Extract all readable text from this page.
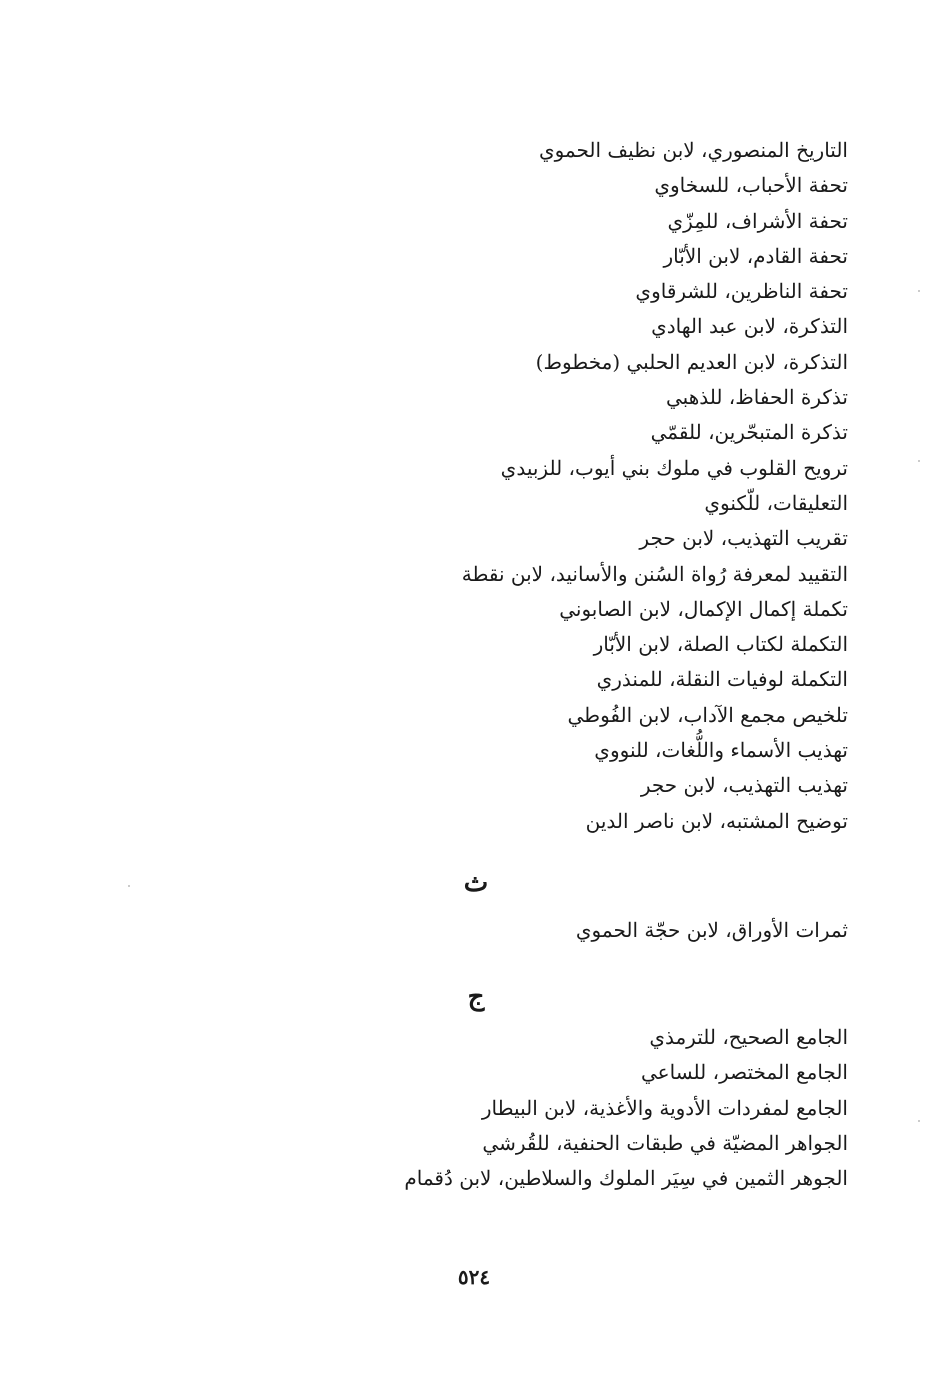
التاريخ المنصوري، لابن نظيف الحموي
تحفة الأحباب، للسخاوي
تحفة الأشراف، للمِزّي
تحفة القادم، لابن الأبّار
تحفة الناظرين، للشرقاوي
التذكرة، لابن عبد الهادي
التذكرة، لابن العديم الحلبي (مخطوط)
تذكرة الحفاظ، للذهبي
تذكرة المتبحّرين، للقمّي
ترويح القلوب في ملوك بني أيوب، للزبيدي
التعليقات، للّكنوي
تقريب التهذيب، لابن حجر
التقييد لمعرفة رُواة السُنن والأسانيد، لابن نقطة
تكملة إكمال الإكمال، لابن الصابوني
التكملة لكتاب الصلة، لابن الأبّار
التكملة لوفيات النقلة، للمنذري
تلخيص مجمع الآداب، لابن الفُوطي
تهذيب الأسماء واللُّغات، للنووي
تهذيب التهذيب، لابن حجر
توضيح المشتبه، لابن ناصر الدين
ث
ثمرات الأوراق، لابن حجّة الحموي
ج
الجامع الصحيح، للترمذي
الجامع المختصر، للساعي
الجامع لمفردات الأدوية والأغذية، لابن البيطار
الجواهر المضيّة في طبقات الحنفية، للقُرشي
الجوهر الثمين في سِيَر الملوك والسلاطين، لابن دُقمام
٥٢٤
